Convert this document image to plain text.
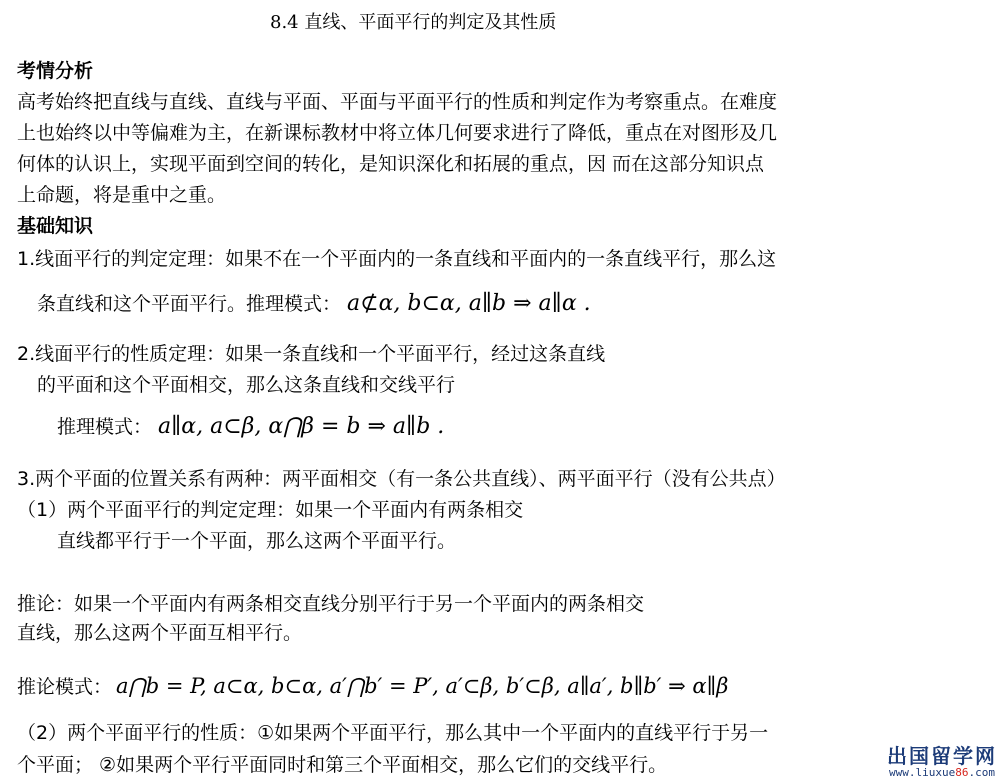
8.4 直线、平面平行的判定及其性质
考情分析
高考始终把直线与直线、直线与平面、平面与平面平行的性质和判定作为考察重点。在难度
上也始终以中等偏难为主，在新课标教材中将立体几何要求进行了降低，重点在对图形及几
何体的认识上，实现平面到空间的转化，是知识深化和拓展的重点，因 而在这部分知识点
上命题，将是重中之重。
基础知识
1.线面平行的判定定理：如果不在一个平面内的一条直线和平面内的一条直线平行，那么这
条直线和这个平面平行。推理模式： a⊄α, b⊂α, a∥b ⇒ a∥α .
2.线面平行的性质定理：如果一条直线和一个平面平行，经过这条直线
的平面和这个平面相交，那么这条直线和交线平行
推理模式： a∥α, a⊂β, α⋂β = b ⇒ a∥b .
3.两个平面的位置关系有两种：两平面相交（有一条公共直线）、两平面平行（没有公共点）
（1）两个平面平行的判定定理：如果一个平面内有两条相交
直线都平行于一个平面，那么这两个平面平行。
推论：如果一个平面内有两条相交直线分别平行于另一个平面内的两条相交
直线，那么这两个平面互相平行。
推论模式： a⋂b = P, a⊂α, b⊂α, a′⋂b′ = P′, a′⊂β, b′⊂β, a∥a′, b∥b′ ⇒ α∥β
（2）两个平面平行的性质：①如果两个平面平行，那么其中一个平面内的直线平行于另一
个平面； ②如果两个平行平面同时和第三个平面相交，那么它们的交线平行。	出国留学网
www.liuxue86.com
